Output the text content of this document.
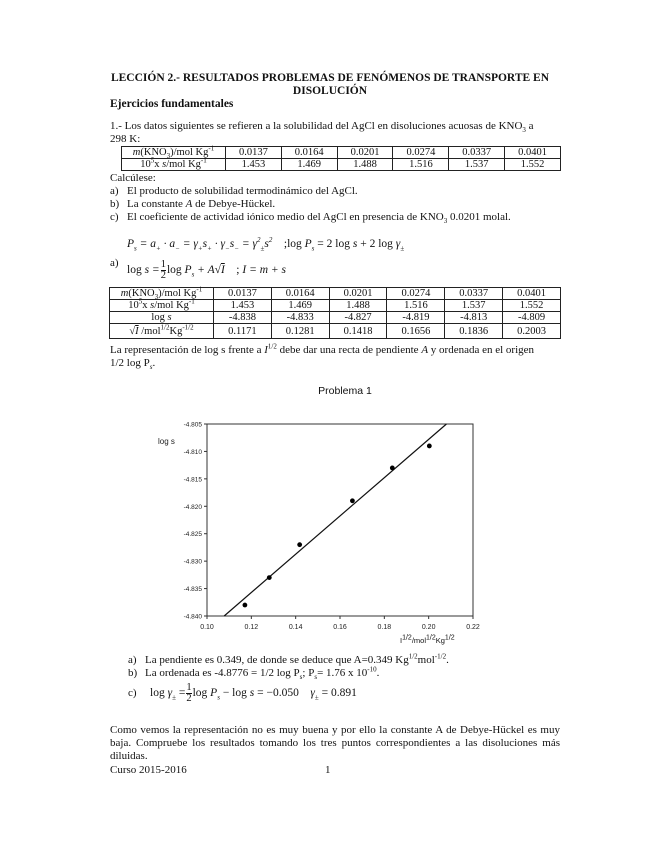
LECCIÓN 2.- RESULTADOS PROBLEMAS DE FENÓMENOS DE TRANSPORTE EN DISOLUCIÓN
Ejercicios fundamentales
1.- Los datos siguientes se refieren a la solubilidad del AgCl en disoluciones acuosas de $KNO_3$ a
298 K:
$m(KNO_3)$/mol $Kg^{-1}$	0.0137	0.0164	0.0201	0.0274	0.0337	0.0401
$10^5x$ s/mol $Kg^{-1}$	1.453	1.469	1.488	1.516	1.537	1.552
Calcúlese:
a) El producto de solubilidad termodinámico del AgCl.
b) La constante A de Debye-Hückel.
c) El coeficiente de actividad iónico medio del AgCl en presencia de $KNO_3$ 0.0201 molal.
$P_s = a_+ \cdot a_- = \gamma_+s_+ \cdot \gamma_-s_- = \gamma^2_\pm s^2$    ;log $P_s = 2$ log s + 2 $\log \gamma_\pm$
a)
$\log s = \frac{1}{2}$ $\log P_s + A√I$    ; I = m + s
$m(KNO_3)$/mol $Kg^{-1}$	0.0137	0.0164	0.0201	0.0274	0.0337	0.0401
$10^5x$ s/mol $Kg^{-1}$	1.453	1.469	1.488	1.516	1.537	1.552
log s	-4.838	-4.833	-4.827	-4.819	-4.813	-4.809
√I $/mol^{1/2}Kg^{-1/2}$	0.1171	0.1281	0.1418	0.1656	0.1836	0.2003
La representación de log s frente a $I^{1/2}$ debe dar una recta de pendiente A y ordenada en el origen
1/2 $\log P_s$.
Problema 1
-4.805
-4.810
-4.815
-4.820
-4.825
-4.830
-4.835
-4.840
0.10	0.12	0.14	0.16	0.18	0.20	0.22
log s
$I^{1/2}/mol^{1/2}Kg^{1/2}$
a) La pendiente es 0.349, de donde se deduce que A=0.349 $Kg^{1/2}mol^{-1/2}$.
b) La ordenada es -4.8776 = 1/2 $\log P_s$; $P_s= 1.76$ x $10^{-10}$.
c) $\log \gamma_\pm = \frac{1}{2}$ $\log P_s - \log s = -0.050$    $\gamma_\pm = 0.891$
Como vemos la representación no es muy buena y por ello la constante A de Debye-Hückel es muy baja. Compruebe los resultados tomando los tres puntos correspondientes a las disoluciones más diluidas.
Curso 2015-2016	1
